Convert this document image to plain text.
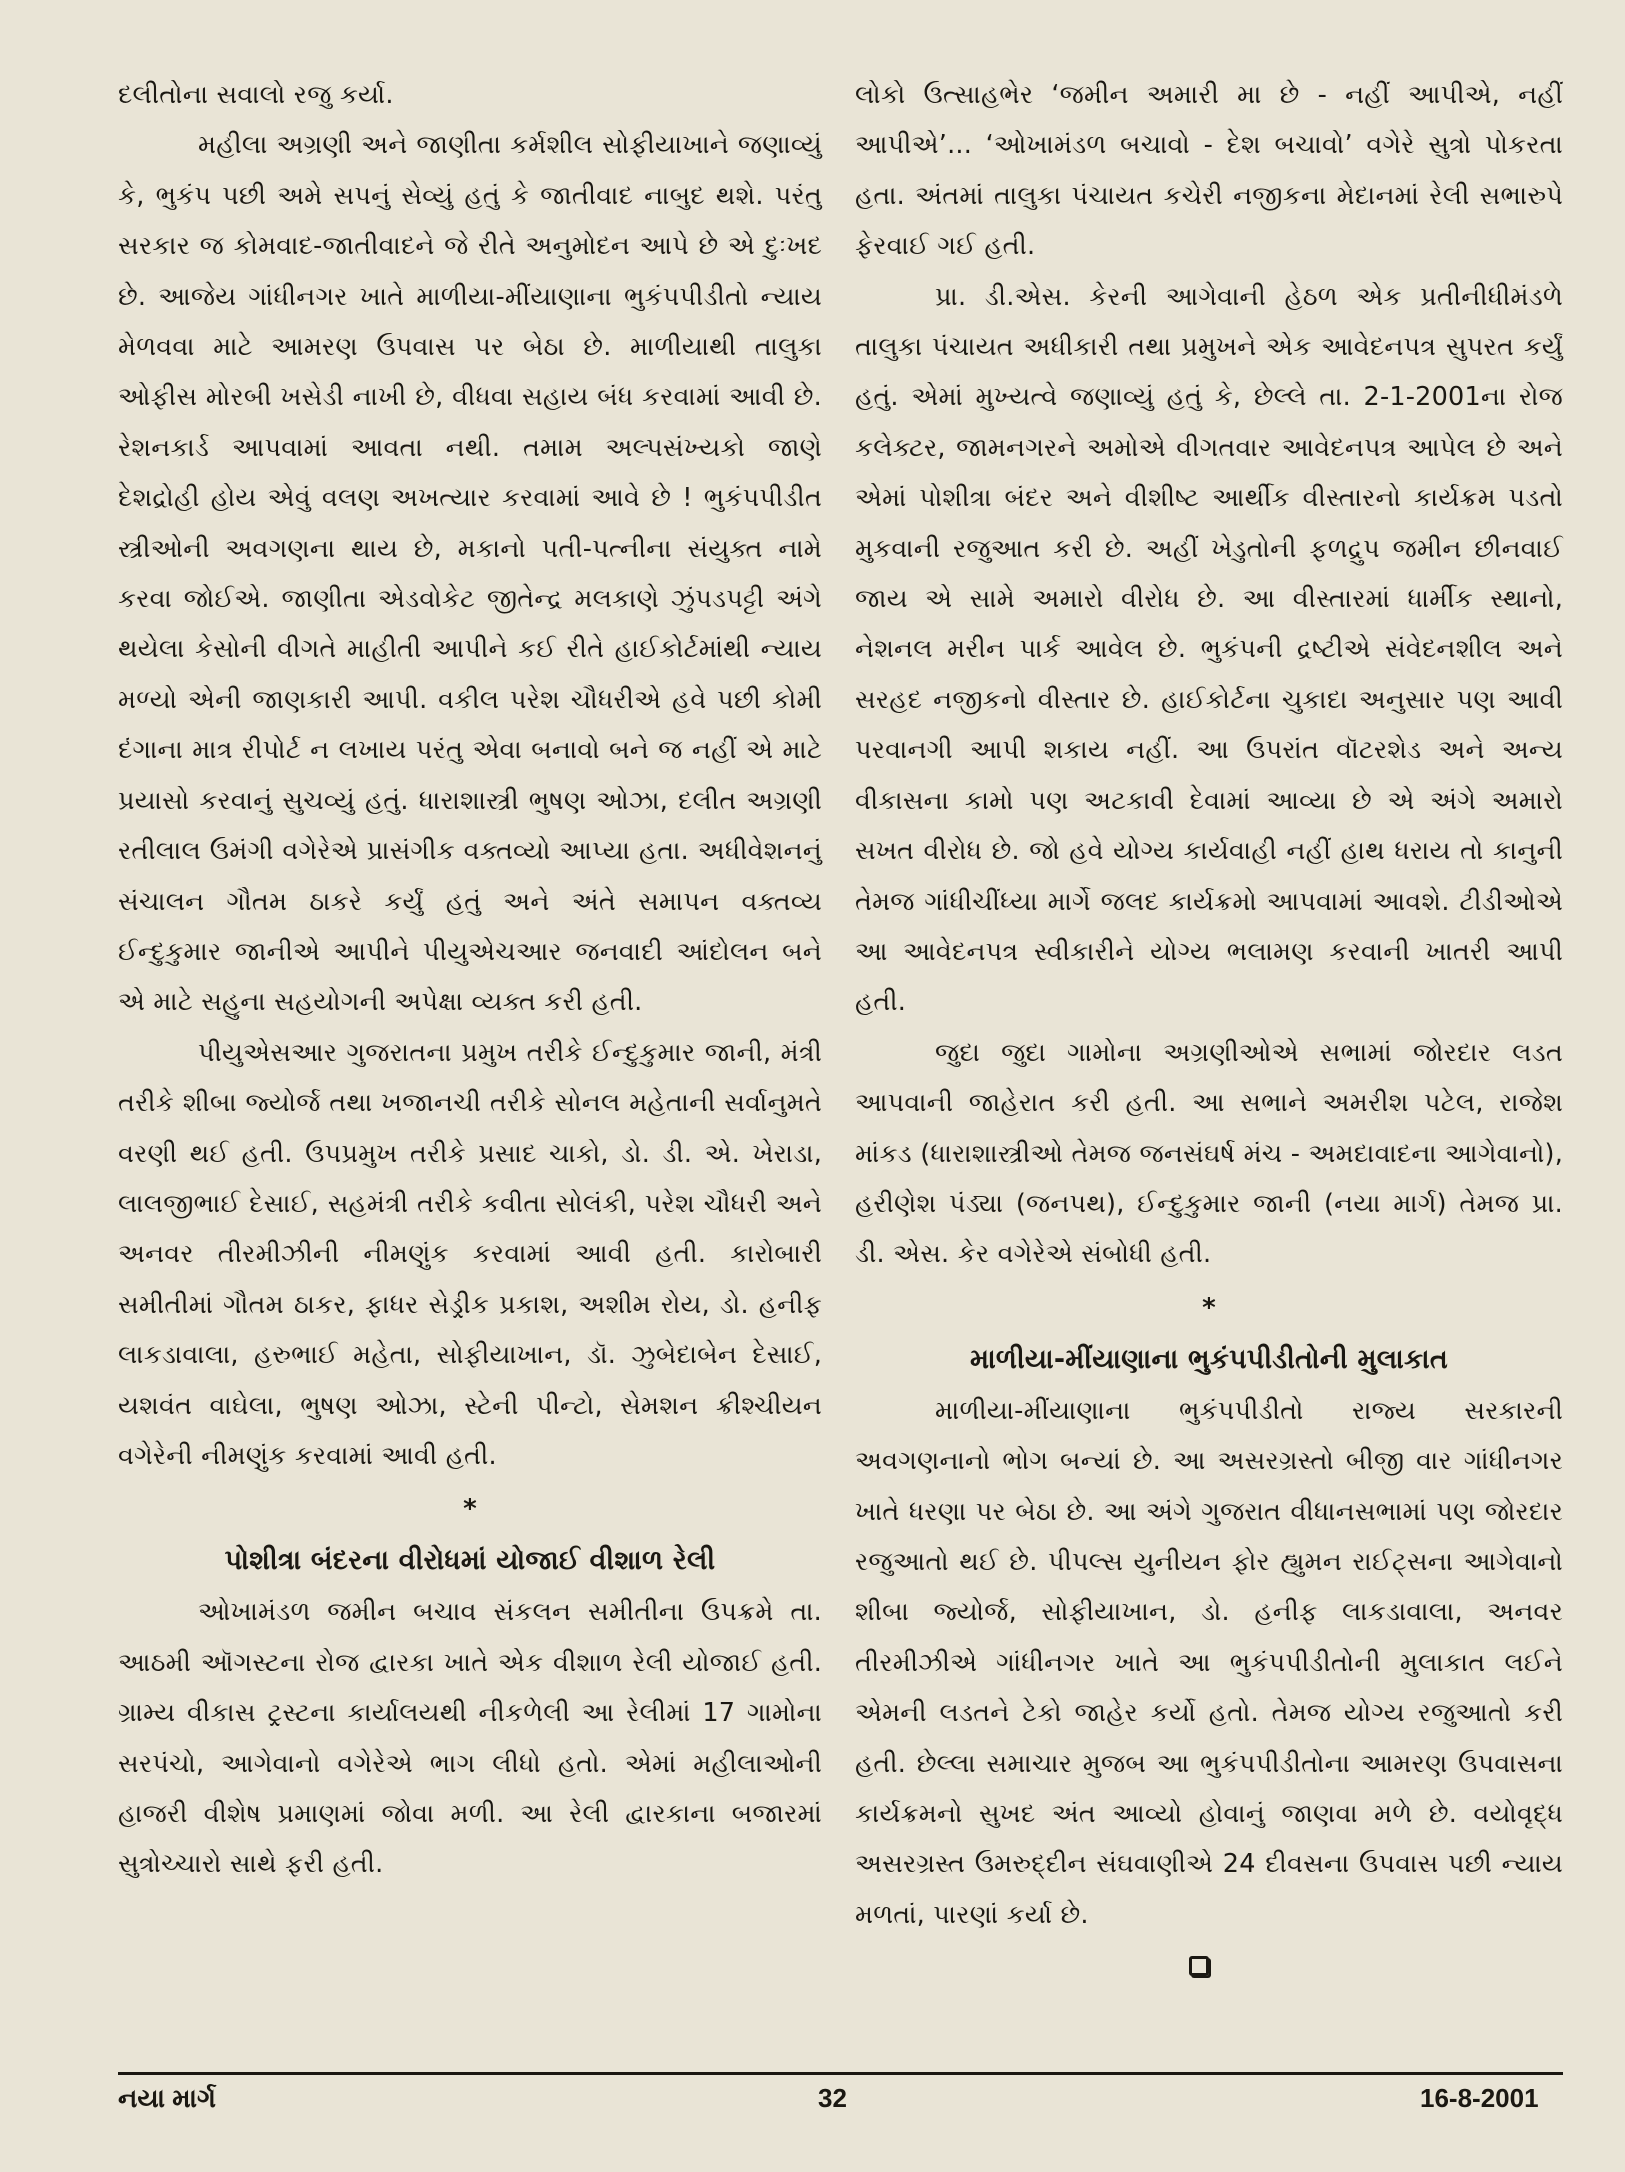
દલીતોના સવાલો રજુ કર્યા.

મહીલા અગ્રણી અને જાણીતા કર્મશીલ સોફીયાખાને જણાવ્યું કે, ભુકંપ પછી અમે સપનું સેવ્યું હતું કે જાતીવાદ નાબુદ થશે. પરંતુ સરકાર જ કોમવાદ-જાતીવાદને જે રીતે અનુમોદન આપે છે એ દુઃખદ છે. આજેય ગાંધીનગર ખાતે માળીયા-મીંયાણાના ભુકંપપીડીતો ન્યાય મેળવવા માટે આમરણ ઉપવાસ પર બેઠા છે. માળીયાથી તાલુકા ઓફીસ મોરબી ખસેડી નાખી છે, વીધવા સહાય બંધ કરવામાં આવી છે. રેશનકાર્ડ આપવામાં આવતા નથી. તમામ અલ્પસંખ્યકો જાણે દેશદ્રોહી હોય એવું વલણ અખત્યાર કરવામાં આવે છે ! ભુકંપપીડીત સ્ત્રીઓની અવગણના થાય છે, મકાનો પતી-પત્નીના સંયુક્ત નામે કરવા જોઈએ. જાણીતા એડવોકેટ જીતેન્દ્ર મલકાણે ઝુંપડપટ્ટી અંગે થયેલા કેસોની વીગતે માહીતી આપીને કઈ રીતે હાઈકોર્ટમાંથી ન્યાય મળ્યો એની જાણકારી આપી. વકીલ પરેશ ચૌધરીએ હવે પછી કોમી દંગાના માત્ર રીપોર્ટ ન લખાય પરંતુ એવા બનાવો બને જ નહીં એ માટે પ્રયાસો કરવાનું સુચવ્યું હતું. ધારાશાસ્ત્રી ભુષણ ઓઝા, દલીત અગ્રણી રતીલાલ ઉમંગી વગેરેએ પ્રાસંગીક વક્તવ્યો આપ્યા હતા. અધીવેશનનું સંચાલન ગૌતમ ઠાકરે કર્યું હતું અને અંતે સમાપન વક્તવ્ય ઈન્દુકુમાર જાનીએ આપીને પીયુએચઆર જનવાદી આંદોલન બને એ માટે સહુના સહયોગની અપેક્ષા વ્યક્ત કરી હતી.

પીયુએસઆર ગુજરાતના પ્રમુખ તરીકે ઈન્દુકુમાર જાની, મંત્રી તરીકે શીબા જ્યોર્જ તથા ખજાનચી તરીકે સોનલ મહેતાની સર્વાનુમતે વરણી થઈ હતી. ઉપપ્રમુખ તરીકે પ્રસાદ ચાકો, ડો. ડી. એ. ખેરાડા, લાલજીભાઈ દેસાઈ, સહમંત્રી તરીકે કવીતા સોલંકી, પરેશ ચૌધરી અને અનવર તીરમીઝીની નીમણુંક કરવામાં આવી હતી. કારોબારી સમીતીમાં ગૌતમ ઠાકર, ફાધર સેડ્રીક પ્રકાશ, અશીમ રોય, ડો. હનીફ લાકડાવાલા, હરુભાઈ મહેતા, સોફીયાખાન, ડૉ. ઝુબેદાબેન દેસાઈ, યશવંત વાઘેલા, ભુષણ ઓઝા, સ્ટેની પીન્ટો, સેમશન ક્રીશ્ચીયન વગેરેની નીમણુંક કરવામાં આવી હતી.

*
પોશીત્રા બંદરના વીરોધમાં યોજાઈ વીશાળ રેલી

ઓખામંડળ જમીન બચાવ સંકલન સમીતીના ઉપક્રમે તા. આઠમી ઑગસ્ટના રોજ દ્વારકા ખાતે એક વીશાળ રેલી યોજાઈ હતી. ગ્રામ્ય વીકાસ ટ્રસ્ટના કાર્યાલયથી નીકળેલી આ રેલીમાં 17 ગામોના સરપંચો, આગેવાનો વગેરેએ ભાગ લીધો હતો. એમાં મહીલાઓની હાજરી વીશેષ પ્રમાણમાં જોવા મળી. આ રેલી દ્વારકાના બજારમાં સુત્રોચ્ચારો સાથે ફરી હતી.

લોકો ઉત્સાહભેર ‘જમીન અમારી મા છે - નહીં આપીએ, નહીં આપીએ’... ‘ઓખામંડળ બચાવો - દેશ બચાવો’ વગેરે સુત્રો પોકરતા હતા. અંતમાં તાલુકા પંચાયત કચેરી નજીકના મેદાનમાં રેલી સભારુપે ફેરવાઈ ગઈ હતી.

પ્રા. ડી.એસ. કેરની આગેવાની હેઠળ એક પ્રતીનીધીમંડળે તાલુકા પંચાયત અધીકારી તથા પ્રમુખને એક આવેદનપત્ર સુપરત કર્યું હતું. એમાં મુખ્યત્વે જણાવ્યું હતું કે, છેલ્લે તા. 2-1-2001ના રોજ કલેક્ટર, જામનગરને અમોએ વીગતવાર આવેદનપત્ર આપેલ છે અને એમાં પોશીત્રા બંદર અને વીશીષ્ટ આર્થીક વીસ્તારનો કાર્યક્રમ પડતો મુકવાની રજુઆત કરી છે. અહીં ખેડુતોની ફળદ્રુપ જમીન છીનવાઈ જાય એ સામે અમારો વીરોધ છે. આ વીસ્તારમાં ધાર્મીક સ્થાનો, નેશનલ મરીન પાર્ક આવેલ છે. ભુકંપની દ્રષ્ટીએ સંવેદનશીલ અને સરહદ નજીકનો વીસ્તાર છે. હાઈકોર્ટના ચુકાદા અનુસાર પણ આવી પરવાનગી આપી શકાય નહીં. આ ઉપરાંત વૉટરશેડ અને અન્ય વીકાસના કામો પણ અટકાવી દેવામાં આવ્યા છે એ અંગે અમારો સખત વીરોધ છે. જો હવે યોગ્ય કાર્યવાહી નહીં હાથ ધરાય તો કાનુની તેમજ ગાંધીચીંધ્યા માર્ગે જલદ કાર્યક્રમો આપવામાં આવશે. ટીડીઓએ આ આવેદનપત્ર સ્વીકારીને યોગ્ય ભલામણ કરવાની ખાતરી આપી હતી.

જુદા જુદા ગામોના અગ્રણીઓએ સભામાં જોરદાર લડત આપવાની જાહેરાત કરી હતી. આ સભાને અમરીશ પટેલ, રાજેશ માંકડ (ધારાશાસ્ત્રીઓ તેમજ જનસંઘર્ષ મંચ - અમદાવાદના આગેવાનો), હરીણેશ પંડ્યા (જનપથ), ઈન્દુકુમાર જાની (નયા માર્ગ) તેમજ પ્રા. ડી. એસ. કેર વગેરેએ સંબોધી હતી.

*
માળીયા-મીંયાણાના ભુકંપપીડીતોની મુલાકાત

માળીયા-મીંયાણાના ભુકંપપીડીતો રાજ્ય સરકારની અવગણનાનો ભોગ બન્યાં છે. આ અસરગ્રસ્તો બીજી વાર ગાંધીનગર ખાતે ધરણા પર બેઠા છે. આ અંગે ગુજરાત વીધાનસભામાં પણ જોરદાર રજુઆતો થઈ છે. પીપલ્સ યુનીયન ફોર હ્યુમન રાઈટ્સના આગેવાનો શીબા જ્યોર્જ, સોફીયાખાન, ડો. હનીફ લાકડાવાલા, અનવર તીરમીઝીએ ગાંધીનગર ખાતે આ ભુકંપપીડીતોની મુલાકાત લઈને એમની લડતને ટેકો જાહેર કર્યો હતો. તેમજ યોગ્ય રજુઆતો કરી હતી. છેલ્લા સમાચાર મુજબ આ ભુકંપપીડીતોના આમરણ ઉપવાસના કાર્યક્રમનો સુખદ અંત આવ્યો હોવાનું જાણવા મળે છે. વયોવૃદ્ધ અસરગ્રસ્ત ઉમરુદ્દીન સંઘવાણીએ 24 દીવસના ઉપવાસ પછી ન્યાય મળતાં, પારણાં કર્યા છે.

નયા માર્ગ	32	16-8-2001
